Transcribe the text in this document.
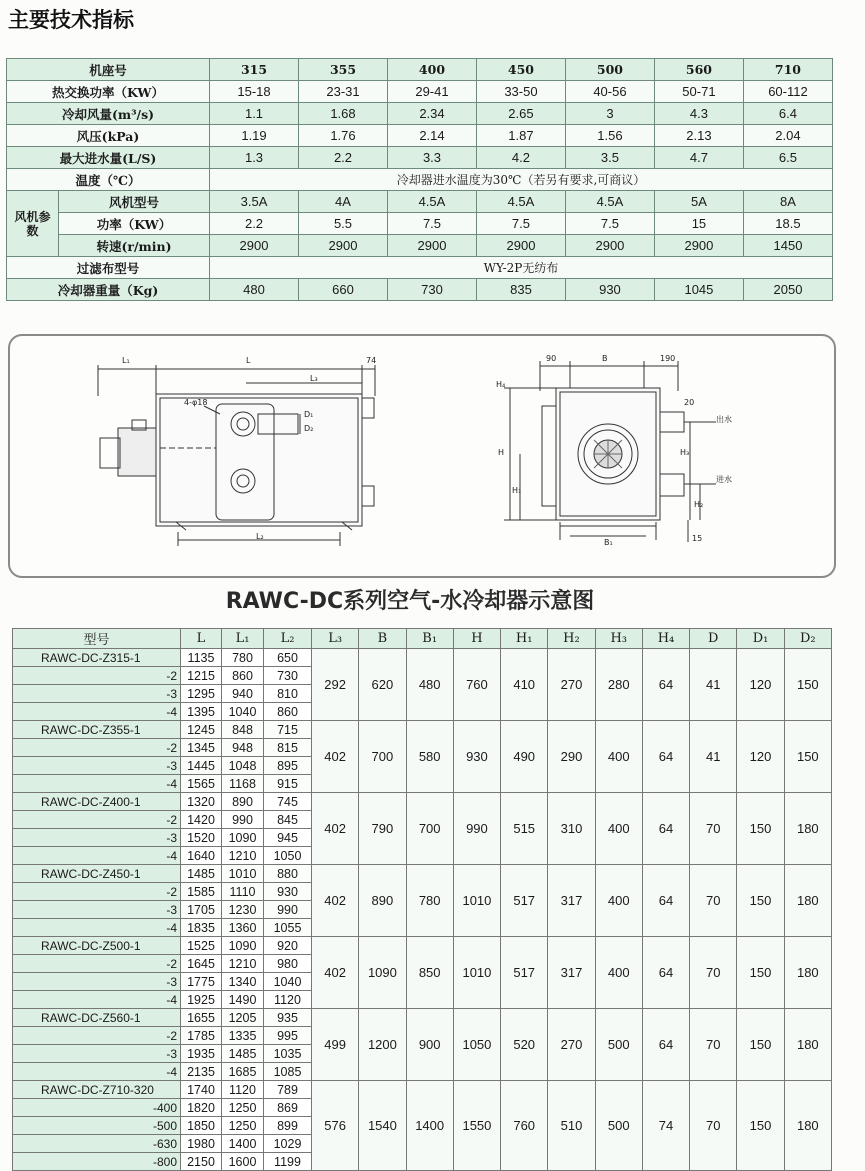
主要技术指标
机座号		315	355	400	450	500	560	710
热交换功率（KW）		15-18	23-31	29-41	33-50	40-56	50-71	60-112
冷却风量(m³/s)		1.1	1.68	2.34	2.65	3	4.3	6.4
风压(kPa)		1.19	1.76	2.14	1.87	1.56	2.13	2.04
最大进水量(L/S)		1.3	2.2	3.3	4.2	3.5	4.7	6.5
温度（℃）		冷却器进水温度为30℃（若另有要求,可商议）						
风机参数	风机型号	3.5A	4A	4.5A	4.5A	4.5A	5A	8A
	功率（KW）	2.2	5.5	7.5	7.5	7.5	15	18.5
	转速(r/min)	2900	2900	2900	2900	2900	2900	1450
过滤布型号		WY-2P无纺布						
冷却器重量（Kg)		480	660	730	835	930	1045	2050
L₁	L	74
L₃
4-φ18
D₁
D₂
L₂
90	B	190
20
H₄
H
H₁
H₃
H₂
B₁	15
出水
进水
RAWC-DC系列空气-水冷却器示意图
型号	L	L₁	L₂	L₃	B	B₁	H	H₁	H₂	H₃	H₄	D	D₁	D₂
RAWC-DC-Z315-1	1135	780	650	292	620	480	760	410	270	280	64	41	120	150
-2	1215	860	730											
-3	1295	940	810											
-4	1395	1040	860											
RAWC-DC-Z355-1	1245	848	715	402	700	580	930	490	290	400	64	41	120	150
-2	1345	948	815											
-3	1445	1048	895											
-4	1565	1168	915											
RAWC-DC-Z400-1	1320	890	745	402	790	700	990	515	310	400	64	70	150	180
-2	1420	990	845											
-3	1520	1090	945											
-4	1640	1210	1050											
RAWC-DC-Z450-1	1485	1010	880	402	890	780	1010	517	317	400	64	70	150	180
-2	1585	1110	930											
-3	1705	1230	990											
-4	1835	1360	1055											
RAWC-DC-Z500-1	1525	1090	920	402	1090	850	1010	517	317	400	64	70	150	180
-2	1645	1210	980											
-3	1775	1340	1040											
-4	1925	1490	1120											
RAWC-DC-Z560-1	1655	1205	935	499	1200	900	1050	520	270	500	64	70	150	180
-2	1785	1335	995											
-3	1935	1485	1035											
-4	2135	1685	1085											
RAWC-DC-Z710-320	1740	1120	789	576	1540	1400	1550	760	510	500	74	70	150	180
-400	1820	1250	869											
-500	1850	1250	899											
-630	1980	1400	1029											
-800	2150	1600	1199											
